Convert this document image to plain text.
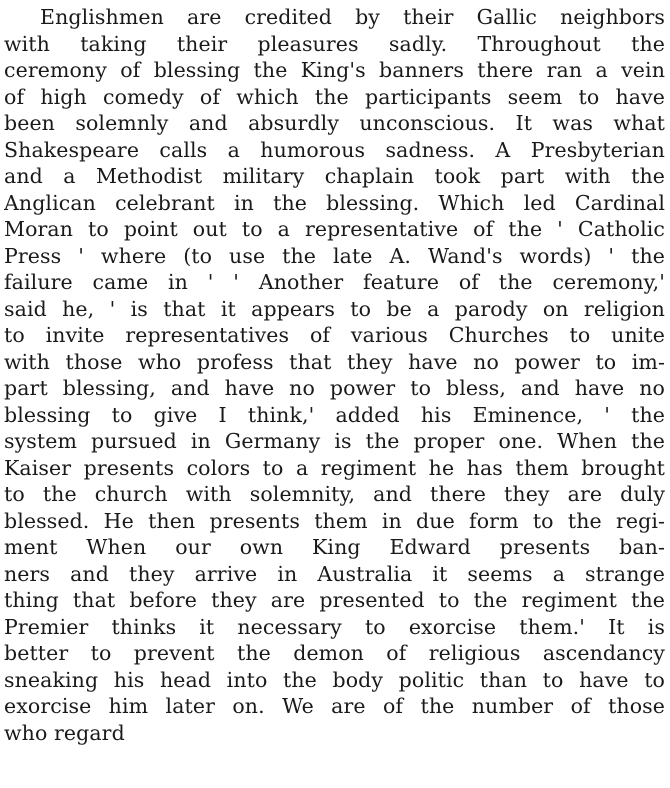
Englishmen are credited by their Gallic neighbors
with taking their pleasures sadly. Throughout the
ceremony of blessing the King's banners there ran a vein
of high comedy of which the participants seem to have
been solemnly and absurdly unconscious. It was what
Shakespeare calls a humorous sadness. A Presbyterian
and a Methodist military chaplain took part with the
Anglican celebrant in the blessing. Which led Cardinal
Moran to point out to a representative of the ' Catholic
Press ' where (to use the late A. Wand's words) ' the
failure came in ' ' Another feature of the ceremony,'
said he, ' is that it appears to be a parody on religion
to invite representatives of various Churches to unite
with those who profess that they have no power to im-
part blessing, and have no power to bless, and have no
blessing to give I think,' added his Eminence, ' the
system pursued in Germany is the proper one. When the
Kaiser presents colors to a regiment he has them brought
to the church with solemnity, and there they are duly
blessed. He then presents them in due form to the regi-
ment When our own King Edward presents ban-
ners and they arrive in Australia it seems a strange
thing that before they are presented to the regiment the
Premier thinks it necessary to exorcise them.' It is
better to prevent the demon of religious ascendancy
sneaking his head into the body politic than to have to
exorcise him later on. We are of the number of those
who regard
